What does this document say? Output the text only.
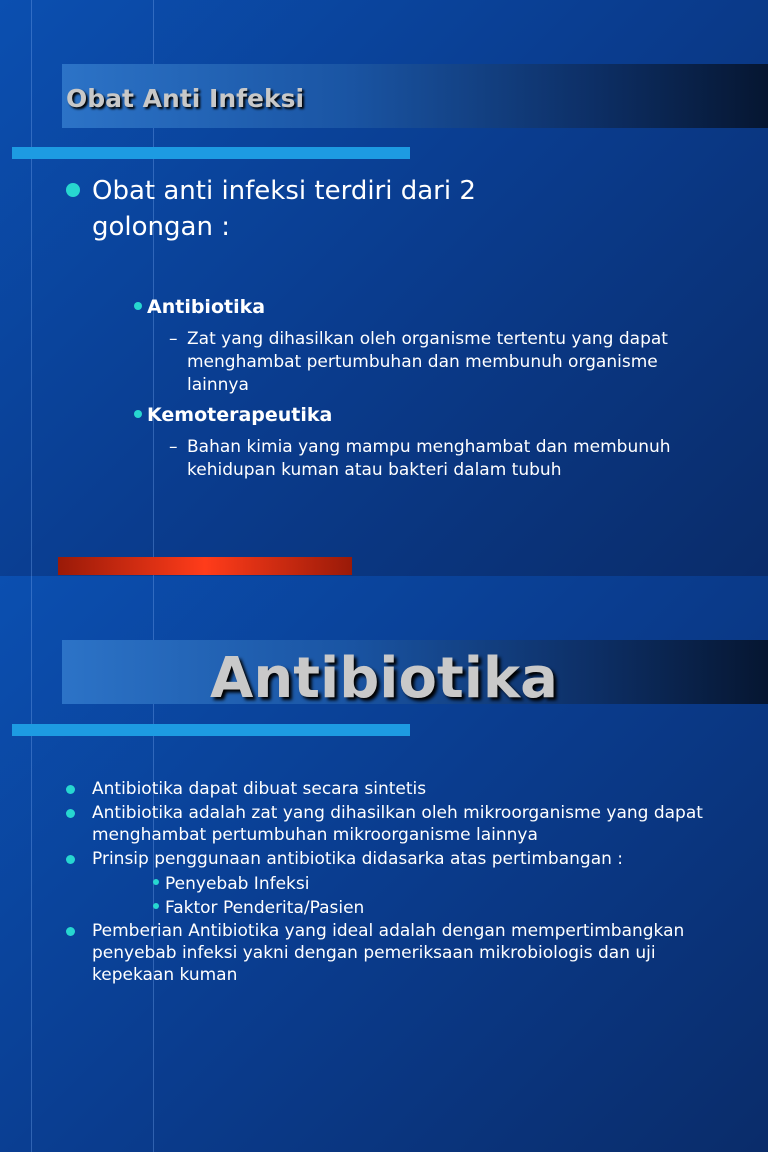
Obat Anti Infeksi
Obat anti infeksi terdiri dari 2 golongan :
Antibiotika
– Zat yang dihasilkan oleh organisme tertentu yang dapat menghambat pertumbuhan dan membunuh organisme lainnya
Kemoterapeutika
– Bahan kimia yang mampu menghambat dan membunuh kehidupan kuman atau bakteri dalam tubuh
Antibiotika
Antibiotika dapat dibuat secara sintetis
Antibiotika adalah zat yang dihasilkan oleh mikroorganisme yang dapat menghambat pertumbuhan mikroorganisme lainnya
Prinsip penggunaan antibiotika didasarka atas pertimbangan :
Penyebab Infeksi
Faktor Penderita/Pasien
Pemberian Antibiotika yang ideal adalah dengan mempertimbangkan penyebab infeksi yakni dengan pemeriksaan mikrobiologis dan uji kepekaan kuman
